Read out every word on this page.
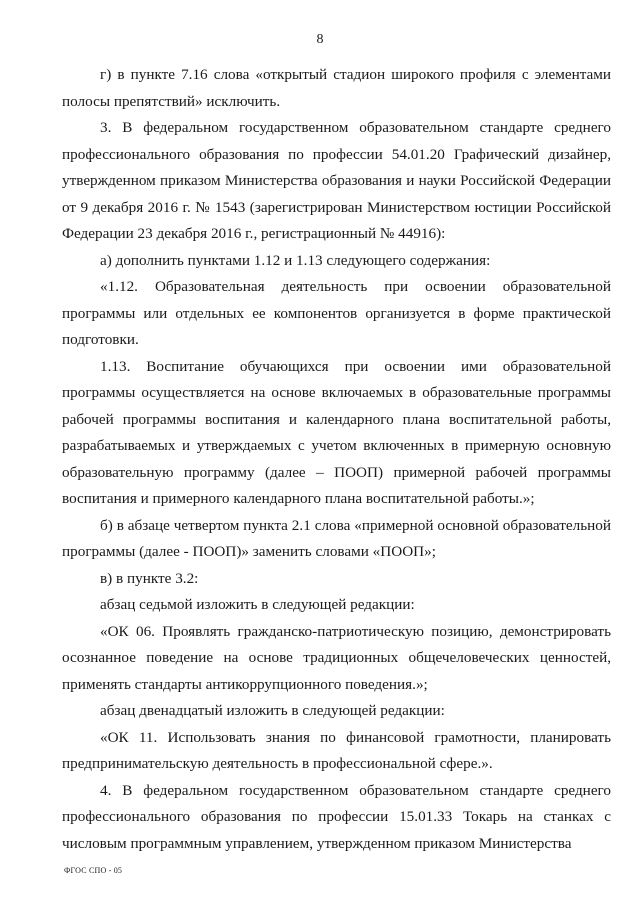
8

г) в пункте 7.16 слова «открытый стадион широкого профиля с элементами полосы препятствий» исключить.

3. В федеральном государственном образовательном стандарте среднего профессионального образования по профессии 54.01.20 Графический дизайнер, утвержденном приказом Министерства образования и науки Российской Федерации от 9 декабря 2016 г. № 1543 (зарегистрирован Министерством юстиции Российской Федерации 23 декабря 2016 г., регистрационный № 44916):

а) дополнить пунктами 1.12 и 1.13 следующего содержания:

«1.12. Образовательная деятельность при освоении образовательной программы или отдельных ее компонентов организуется в форме практической подготовки.

1.13. Воспитание обучающихся при освоении ими образовательной программы осуществляется на основе включаемых в образовательные программы рабочей программы воспитания и календарного плана воспитательной работы, разрабатываемых и утверждаемых с учетом включенных в примерную основную образовательную программу (далее – ПООП) примерной рабочей программы воспитания и примерного календарного плана воспитательной работы.»;

б) в абзаце четвертом пункта 2.1 слова «примерной основной образовательной программы (далее - ПООП)» заменить словами «ПООП»;

в) в пункте 3.2:

абзац седьмой изложить в следующей редакции:

«ОК 06. Проявлять гражданско-патриотическую позицию, демонстрировать осознанное поведение на основе традиционных общечеловеческих ценностей, применять стандарты антикоррупционного поведения.»;

абзац двенадцатый изложить в следующей редакции:

«ОК 11. Использовать знания по финансовой грамотности, планировать предпринимательскую деятельность в профессиональной сфере.».

4. В федеральном государственном образовательном стандарте среднего профессионального образования по профессии 15.01.33 Токарь на станках с числовым программным управлением, утвержденном приказом Министерства

ФГОС СПО - 05
